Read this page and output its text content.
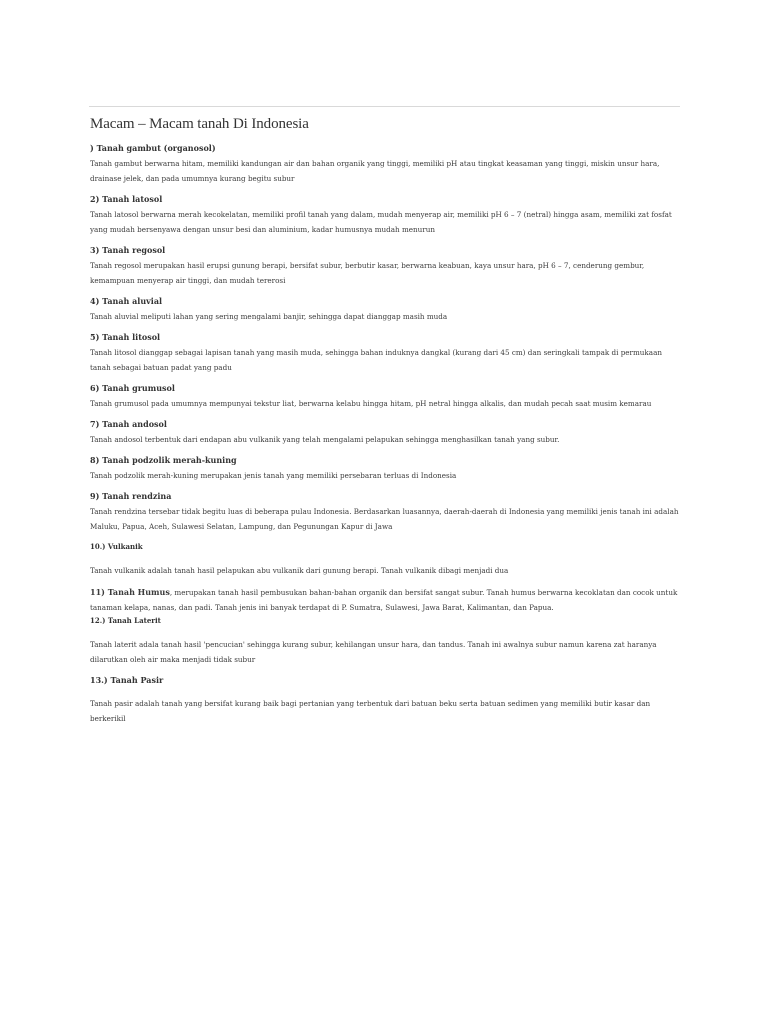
Macam – Macam tanah Di Indonesia
) Tanah gambut (organosol)

Tanah gambut berwarna hitam, memiliki kandungan air dan bahan organik yang tinggi, memiliki pH atau tingkat keasaman yang tinggi, miskin unsur hara, drainase jelek, dan pada umumnya kurang begitu subur

2) Tanah latosol

Tanah latosol berwarna merah kecokelatan, memiliki profil tanah yang dalam, mudah menyerap air, memiliki pH 6 – 7 (netral) hingga asam, memiliki zat fosfat yang mudah bersenyawa dengan unsur besi dan aluminium, kadar humusnya mudah menurun

3) Tanah regosol

Tanah regosol merupakan hasil erupsi gunung berapi, bersifat subur, berbutir kasar, berwarna keabuan, kaya unsur hara, pH 6 – 7, cenderung gembur, kemampuan menyerap air tinggi, dan mudah tererosi

4) Tanah aluvial

Tanah aluvial meliputi lahan yang sering mengalami banjir, sehingga dapat dianggap masih muda

5) Tanah litosol

Tanah litosol dianggap sebagai lapisan tanah yang masih muda, sehingga bahan induknya dangkal (kurang dari 45 cm) dan seringkali tampak di permukaan tanah sebagai batuan padat yang padu

6) Tanah grumusol

Tanah grumusol pada umumnya mempunyai tekstur liat, berwarna kelabu hingga hitam, pH netral hingga alkalis, dan mudah pecah saat musim kemarau

7) Tanah andosol

Tanah andosol terbentuk dari endapan abu vulkanik yang telah mengalami pelapukan sehingga menghasilkan tanah yang subur.

8) Tanah podzolik merah-kuning

Tanah podzolik merah-kuning merupakan jenis tanah yang memiliki persebaran terluas di Indonesia

9) Tanah rendzina

Tanah rendzina tersebar tidak begitu luas di beberapa pulau Indonesia. Berdasarkan luasannya, daerah-daerah di Indonesia yang memiliki jenis tanah ini adalah Maluku, Papua, Aceh, Sulawesi Selatan, Lampung, dan Pegunungan Kapur di Jawa

10.) Vulkanik

Tanah vulkanik adalah tanah hasil pelapukan abu vulkanik dari gunung berapi. Tanah vulkanik dibagi menjadi dua

11) Tanah Humus, merupakan tanah hasil pembusukan bahan-bahan organik dan bersifat sangat subur. Tanah humus berwarna kecoklatan dan cocok untuk tanaman kelapa, nanas, dan padi. Tanah jenis ini banyak terdapat di P. Sumatra, Sulawesi, Jawa Barat, Kalimantan, dan Papua.

12.) Tanah Laterit

Tanah laterit adala tanah hasil 'pencucian' sehingga kurang subur, kehilangan unsur hara, dan tandus. Tanah ini awalnya subur namun karena zat haranya dilarutkan oleh air maka menjadi tidak subur

13.) Tanah Pasir

Tanah pasir adalah tanah yang bersifat kurang baik bagi pertanian yang terbentuk dari batuan beku serta batuan sedimen yang memiliki butir kasar dan berkerikil
